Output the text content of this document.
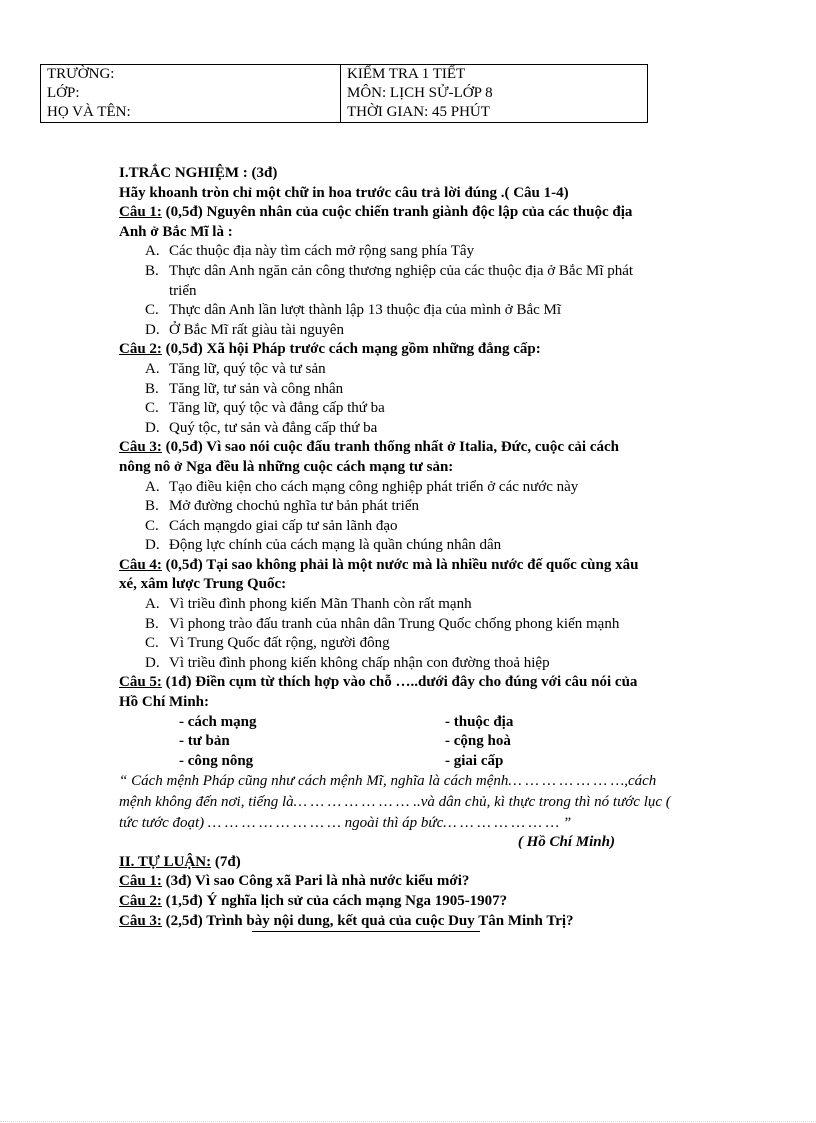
TRƯỜNG:	KIỂM TRA 1 TIẾT
LỚP:	MÔN: LỊCH SỬ-LỚP 8
HỌ VÀ TÊN:	THỜI GIAN: 45 PHÚT
I.TRẮC NGHIỆM : (3đ)
Hãy khoanh tròn chỉ một chữ in hoa trước câu trả lời đúng .( Câu 1-4)
Câu 1: (0,5đ) Nguyên nhân của cuộc chiến tranh giành độc lập của các thuộc địa
Anh ở Bắc Mĩ là :
A. Các thuộc địa này tìm cách mở rộng sang phía Tây
B. Thực dân Anh ngăn cản công thương nghiệp của các thuộc địa ở Bắc Mĩ phát triển
C. Thực dân Anh lần lượt thành lập 13 thuộc địa của mình ở Bắc Mĩ
D. Ở Bắc Mĩ rất giàu tài nguyên
Câu 2: (0,5đ) Xã hội Pháp trước cách mạng gồm những đẳng cấp:
A. Tăng lữ, quý tộc và tư sản
B. Tăng lữ, tư sản và công nhân
C. Tăng lữ, quý tộc và đẳng cấp thứ ba
D. Quý tộc, tư sản và đẳng cấp thứ ba
Câu 3: (0,5đ) Vì sao nói cuộc đấu tranh thống nhất ở Italia, Đức, cuộc cải cách
nông nô ở Nga đều là những cuộc cách mạng tư sản:
A. Tạo điều kiện cho cách mạng công nghiệp phát triển ở các nước này
B. Mở đường chochủ nghĩa tư bản phát triển
C. Cách mạngdo giai cấp tư sản lãnh đạo
D. Động lực chính của cách mạng là quần chúng nhân dân
Câu 4: (0,5đ) Tại sao không phải là một nước mà là nhiều nước đế quốc cùng xâu
xé, xâm lược Trung Quốc:
A. Vì triều đình phong kiến Mãn Thanh còn rất mạnh
B. Vì phong trào đấu tranh của nhân dân Trung Quốc chống phong kiến mạnh
C. Vì Trung Quốc đất rộng, người đông
D. Vì triều đình phong kiến không chấp nhận con đường thoả hiệp
Câu 5: (1đ) Điền cụm từ thích hợp vào chỗ …..dưới đây cho đúng với câu nói của
Hồ Chí Minh:
- cách mạng	- thuộc địa
- tư bản	- cộng hoà
- công nông	- giai cấp
“ Cách mệnh Pháp cũng như cách mệnh Mĩ, nghĩa là cách mệnh… … … … … … …,cách
mệnh không đến nơi, tiếng là… … … … … … … ..và dân chủ, kì thực trong thì nó tước lục (
tức tước đoạt) … … … … … … … … ngoài thì áp bức… … … … … … … ”
( Hồ Chí Minh)
II. TỰ LUẬN: (7đ)
Câu 1: (3đ) Vì sao Công xã Pari là nhà nước kiểu mới?
Câu 2: (1,5đ) Ý nghĩa lịch sử của cách mạng Nga 1905-1907?
Câu 3: (2,5đ) Trình bày nội dung, kết quả của cuộc Duy Tân Minh Trị?
